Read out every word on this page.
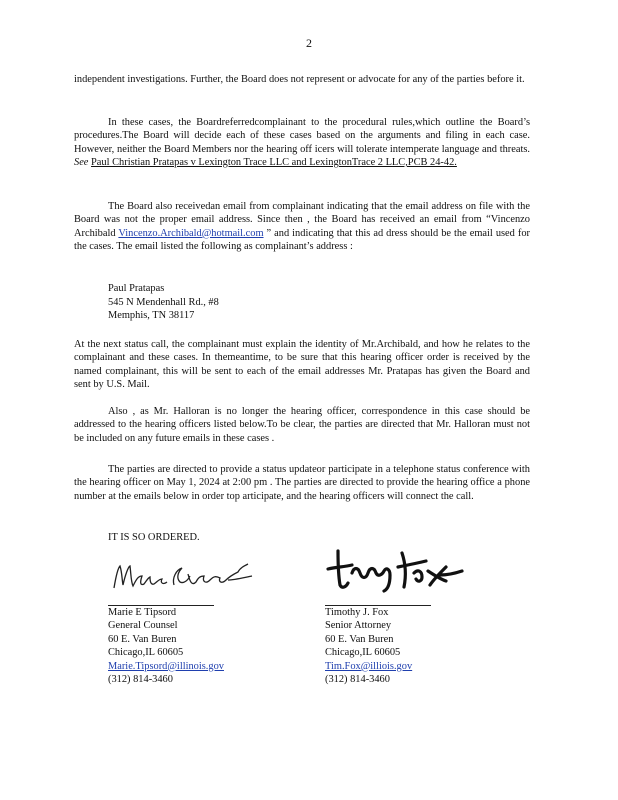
2
independent investigations. Further, the Board does not represent or advocate for any of the parties before it.
In these cases, the Boardreferredcomplainant to the procedural rules,which outline the Board’s procedures.The Board will decide each of these cases based on the arguments and filing in each case. However, neither the Board Members nor the hearing off icers will tolerate intemperate language and threats. See Paul Christian Pratapas v Lexington Trace LLC and LexingtonTrace 2 LLC,PCB 24-42.
The Board also receivedan email from complainant indicating that the email address on file with the Board was not the proper email address. Since then , the Board has received an email from “Vincenzo Archibald Vincenzo.Archibald@hotmail.com ” and indicating that this ad dress should be the email used for the cases. The email listed the following as complainant’s address :
Paul Pratapas
545 N Mendenhall Rd., #8
Memphis, TN 38117
At the next status call, the complainant must explain the identity of Mr.Archibald, and how he relates to the complainant and these cases. In themeantime, to be sure that this hearing officer order is received by the named complainant, this will be sent to each of the email addresses Mr. Pratapas has given the Board and sent by U.S. Mail.
Also , as Mr. Halloran is no longer the hearing officer, correspondence in this case should be addressed to the hearing officers listed below.To be clear, the parties are directed that Mr. Halloran must not be included on any future emails in these cases .
The parties are directed to provide a status updateor participate in a telephone status conference with the hearing officer on May 1, 2024 at 2:00 pm . The parties are directed to provide the hearing office a phone number at the emails below in order top articipate, and the hearing officers will connect the call.
IT IS SO ORDERED.
Marie E Tipsord
General Counsel
60 E. Van Buren
Chicago,IL 60605
Marie.Tipsord@illinois.gov
(312) 814-3460
Timothy J. Fox
Senior Attorney
60 E. Van Buren
Chicago,IL 60605
Tim.Fox@illiois.gov
(312) 814-3460
